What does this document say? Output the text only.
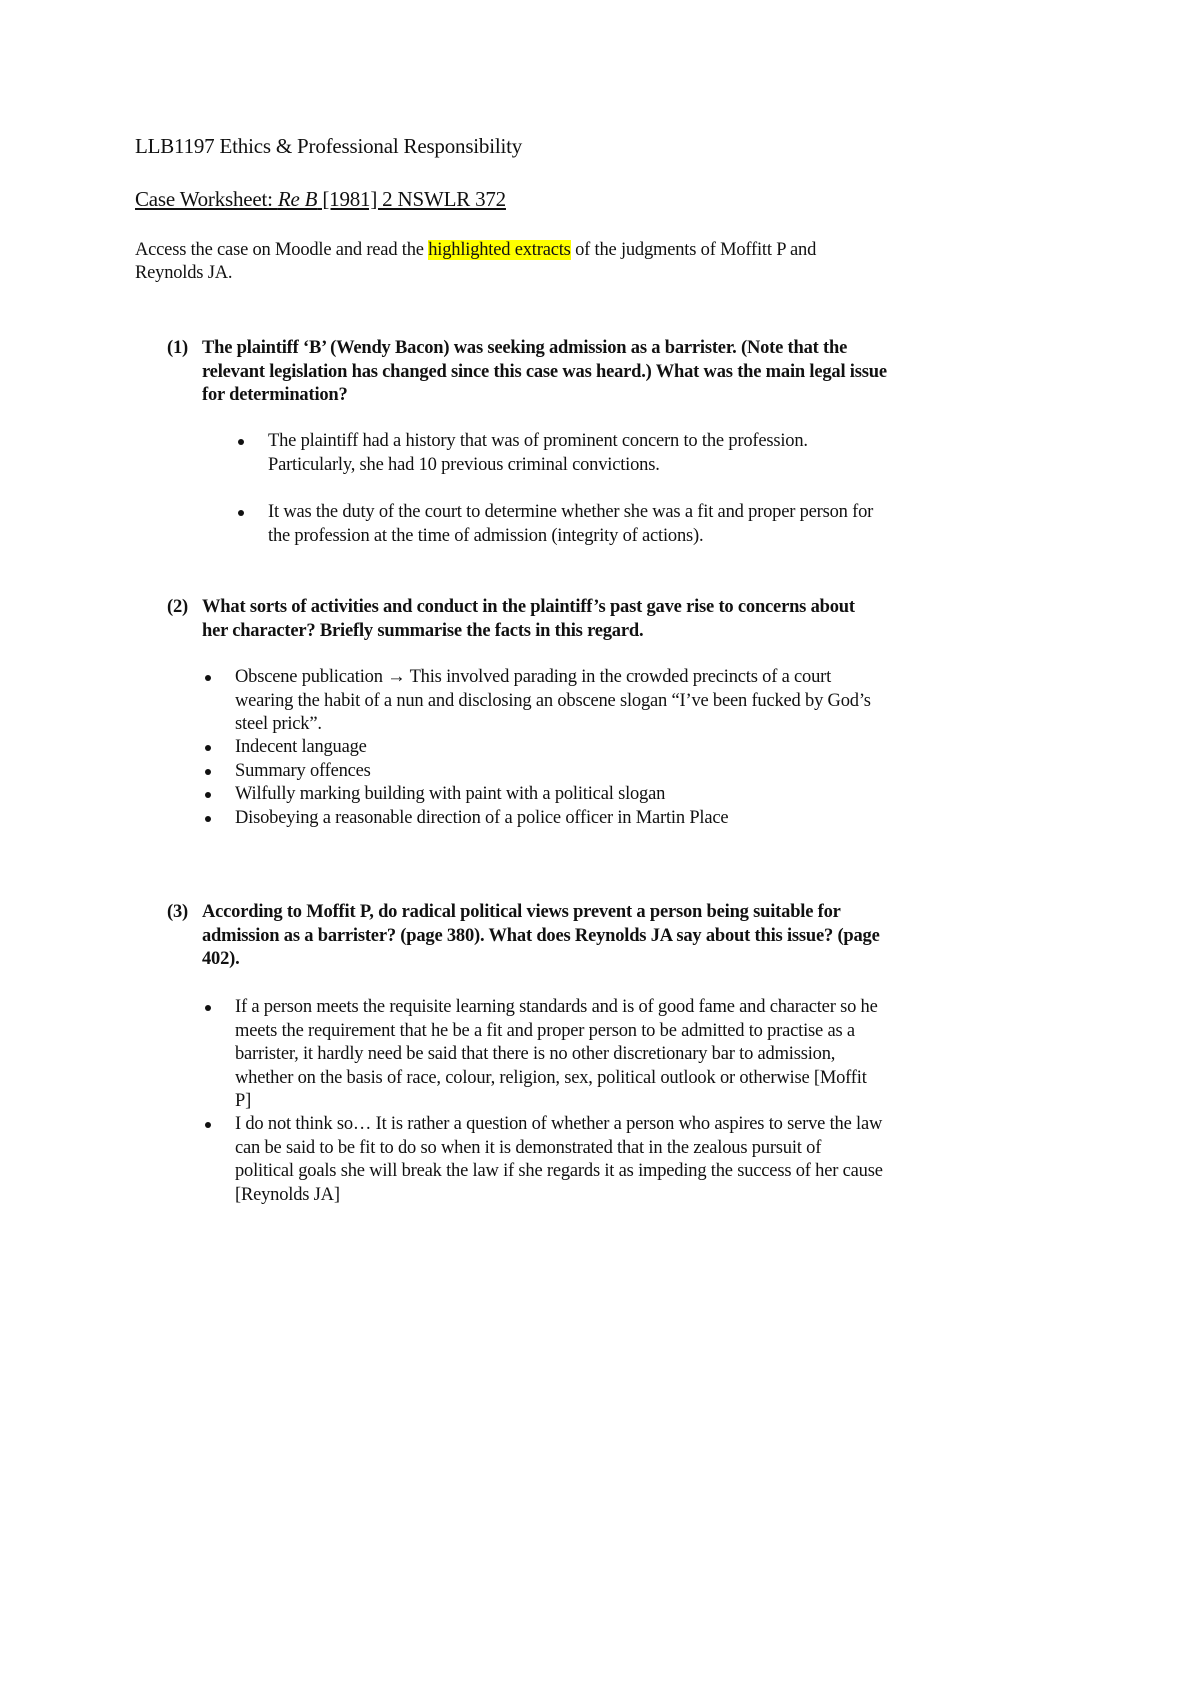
LLB1197 Ethics & Professional Responsibility
Case Worksheet: Re B [1981] 2 NSWLR 372
Access the case on Moodle and read the highlighted extracts of the judgments of Moffitt P and
Reynolds JA.
(1) The plaintiff ‘B’ (Wendy Bacon) was seeking admission as a barrister. (Note that the
relevant legislation has changed since this case was heard.) What was the main legal issue
for determination?
The plaintiff had a history that was of prominent concern to the profession.
Particularly, she had 10 previous criminal convictions.
It was the duty of the court to determine whether she was a fit and proper person for
the profession at the time of admission (integrity of actions).
(2) What sorts of activities and conduct in the plaintiff’s past gave rise to concerns about
her character? Briefly summarise the facts in this regard.
Obscene publication → This involved parading in the crowded precincts of a court
wearing the habit of a nun and disclosing an obscene slogan “I’ve been fucked by God’s
steel prick”.
Indecent language
Summary offences
Wilfully marking building with paint with a political slogan
Disobeying a reasonable direction of a police officer in Martin Place
(3) According to Moffit P, do radical political views prevent a person being suitable for
admission as a barrister? (page 380). What does Reynolds JA say about this issue? (page
402).
If a person meets the requisite learning standards and is of good fame and character so he
meets the requirement that he be a fit and proper person to be admitted to practise as a
barrister, it hardly need be said that there is no other discretionary bar to admission,
whether on the basis of race, colour, religion, sex, political outlook or otherwise [Moffit
P]
I do not think so… It is rather a question of whether a person who aspires to serve the law
can be said to be fit to do so when it is demonstrated that in the zealous pursuit of
political goals she will break the law if she regards it as impeding the success of her cause
[Reynolds JA]
